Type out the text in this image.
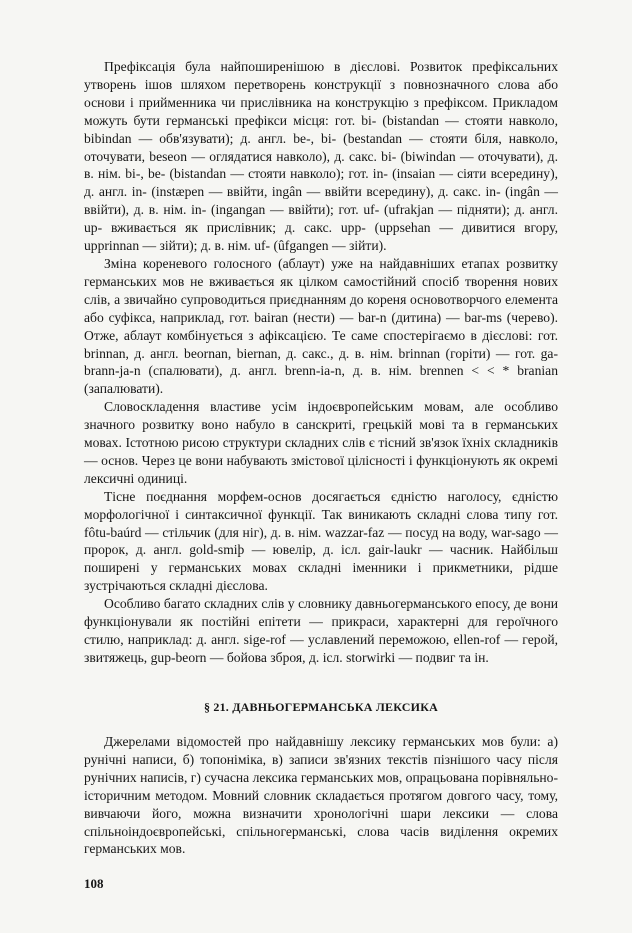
Префіксація була найпоширенішою в дієслові. Розвиток префіксальних утворень ішов шляхом перетворень конструкції з повнозначного слова або основи і прийменника чи прислівника на конструкцію з префіксом. Прикладом можуть бути германські префікси місця: гот. bi- (bistandan — стояти навколо, bibindan — обв'язувати); д. англ. be-, bi- (bestandan — стояти біля, навколо, оточувати, beseon — оглядатися навколо), д. сакс. bi- (biwindan — оточувати), д. в. нім. bi-, be- (bistandan — стояти навколо); гот. in- (insaian — сіяти всередину), д. англ. in- (instæpen — ввійти, ingân — ввійти всередину), д. сакс. in- (ingân — ввійти), д. в. нім. in- (ingangan — ввійти); гот. uf- (ufrakjan — підняти); д. англ. up- вживається як прислівник; д. сакс. upp- (uppsehan — дивитися вгору, upprinnan — зійти); д. в. нім. uf- (ûfgangen — зійти).

Зміна кореневого голосного (аблаут) уже на найдавніших етапах розвитку германських мов не вживається як цілком самостійний спосіб творення нових слів, а звичайно супроводиться приєднанням до кореня основотворчого елемента або суфікса, наприклад, гот. bairan (нести) — bar-n (дитина) — bar-ms (черево). Отже, аблаут комбінується з афіксацією. Те саме спостерігаємо в дієслові: гот. brinnan, д. англ. beornan, biernan, д. сакс., д. в. нім. brinnan (горіти) — гот. ga-brann-ja-n (спалювати), д. англ. brenn-ia-n, д. в. нім. brennen < < * branian (запалювати).

Словоскладення властиве усім індоєвропейським мовам, але особливо значного розвитку воно набуло в санскриті, грецькій мові та в германських мовах. Істотною рисою структури складних слів є тісний зв'язок їхніх складників — основ. Через це вони набувають змістової цілісності і функціонують як окремі лексичні одиниці.

Тісне поєднання морфем-основ досягається єдністю наголосу, єдністю морфологічної і синтаксичної функції. Так виникають складні слова типу гот. fôtu-baúrd — стільчик (для ніг), д. в. нім. wazzar-faz — посуд на воду, war-sago — пророк, д. англ. gold-smiþ — ювелір, д. ісл. gair-laukr — часник. Найбільш поширені у германських мовах складні іменники і прикметники, рідше зустрічаються складні дієслова.

Особливо багато складних слів у словнику давньогерманського епосу, де вони функціонували як постійні епітети — прикраси, характерні для героїчного стилю, наприклад: д. англ. sige-rof — уславлений переможою, ellen-rof — герой, звитяжець, gup-beorn — бойова зброя, д. ісл. storwirki — подвиг та ін.

§ 21. ДАВНЬОГЕРМАНСЬКА ЛЕКСИКА

Джерелами відомостей про найдавнішу лексику германських мов були: а) рунічні написи, б) топоніміка, в) записи зв'язних текстів пізнішого часу після рунічних написів, г) сучасна лексика германських мов, опрацьована порівняльно-історичним методом. Мовний словник складається протягом довгого часу, тому, вивчаючи його, можна визначити хронологічні шари лексики — слова спільноіндоєвропейські, спільногерманські, слова часів виділення окремих германських мов.

108
